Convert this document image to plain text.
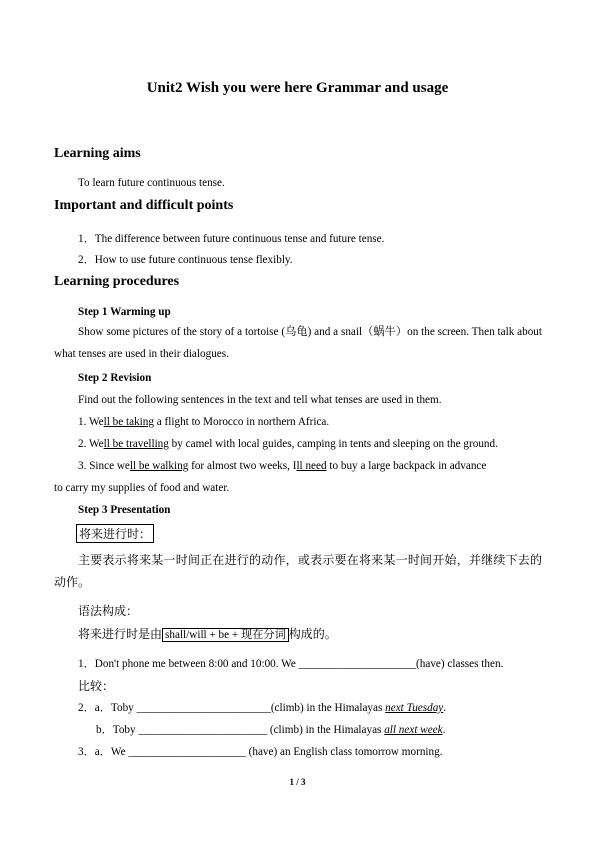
Unit2 Wish you were here Grammar and usage
Learning aims
To learn future continuous tense.
Important and difficult points
1．The difference between future continuous tense and future tense.
2．How to use future continuous tense flexibly.
Learning procedures
Step 1 Warming up
Show some pictures of the story of a tortoise (乌龟) and a snail（蜗牛）on the screen. Then talk about what tenses are used in their dialogues.
Step 2 Revision
Find out the following sentences in the text and tell what tenses are used in them.
1. Well be taking a flight to Morocco in northern Africa.
2. Well be travelling by camel with local guides, camping in tents and sleeping on the ground.
3. Since well be walking for almost two weeks, Ill need to buy a large backpack in advance
to carry my supplies of food and water.
Step 3 Presentation
将来进行时：
主要表示将来某一时间正在进行的动作，或表示要在将来某一时间开始，并继续下去的动作。
语法构成：
将来进行时是由 shall/will + be + 现在分词 构成的。
1．Don't phone me between 8:00 and 10:00. We _____________________(have) classes then.
比较：
2．a．Toby ________________________(climb) in the Himalayas next Tuesday.
b．Toby _______________________ (climb) in the Himalayas all next week.
3．a．We _____________________ (have) an English class tomorrow morning.
1 / 3
